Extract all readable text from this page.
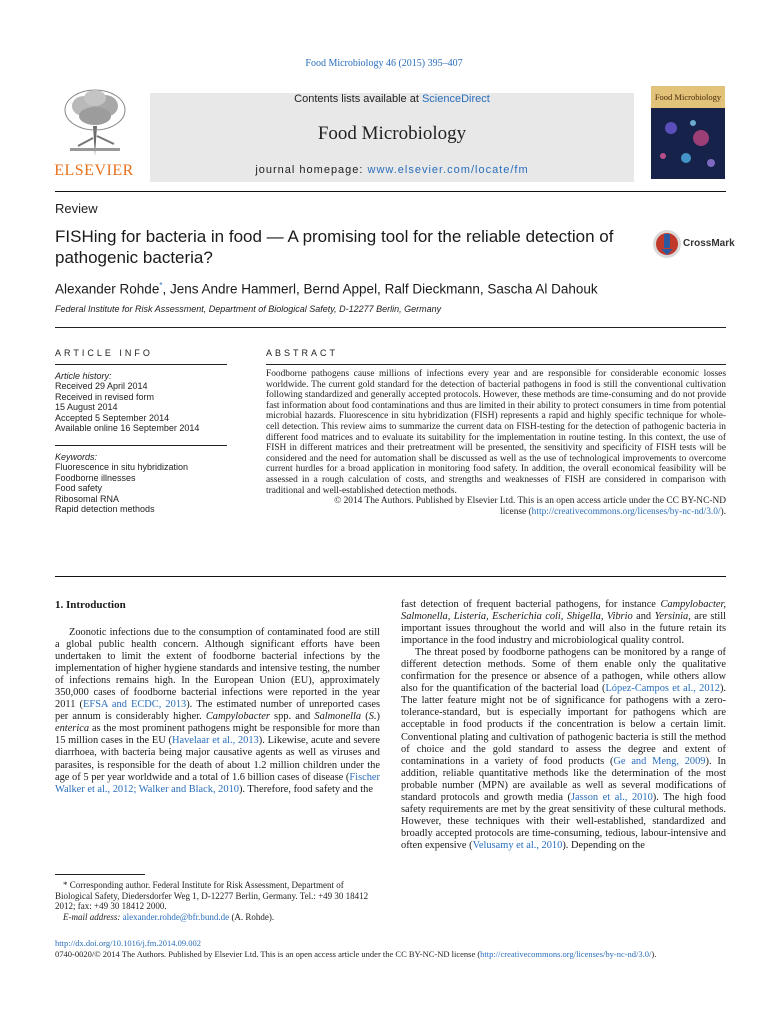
Food Microbiology 46 (2015) 395–407
ELSEVIER
Contents lists available at ScienceDirect
Food Microbiology
journal homepage: www.elsevier.com/locate/fm
Food Microbiology
Review
FISHing for bacteria in food — A promising tool for the reliable detection of pathogenic bacteria?
CrossMark
Alexander Rohde*, Jens Andre Hammerl, Bernd Appel, Ralf Dieckmann, Sascha Al Dahouk
Federal Institute for Risk Assessment, Department of Biological Safety, D-12277 Berlin, Germany
ARTICLE INFO
Article history:
Received 29 April 2014
Received in revised form
15 August 2014
Accepted 5 September 2014
Available online 16 September 2014
Keywords:
Fluorescence in situ hybridization
Foodborne illnesses
Food safety
Ribosomal RNA
Rapid detection methods
ABSTRACT

Foodborne pathogens cause millions of infections every year and are responsible for considerable economic losses worldwide. The current gold standard for the detection of bacterial pathogens in food is still the conventional cultivation following standardized and generally accepted protocols. However, these methods are time-consuming and do not provide fast information about food contaminations and thus are limited in their ability to protect consumers in time from potential microbial hazards. Fluorescence in situ hybridization (FISH) represents a rapid and highly specific technique for whole-cell detection. This review aims to summarize the current data on FISH-testing for the detection of pathogenic bacteria in different food matrices and to evaluate its suitability for the implementation in routine testing. In this context, the use of FISH in different matrices and their pretreatment will be presented, the sensitivity and specificity of FISH tests will be considered and the need for automation shall be discussed as well as the use of technological improvements to overcome current hurdles for a broad application in monitoring food safety. In addition, the overall economical feasibility will be assessed in a rough calculation of costs, and strengths and weaknesses of FISH are considered in comparison with traditional and well-established detection methods.

© 2014 The Authors. Published by Elsevier Ltd. This is an open access article under the CC BY-NC-ND
license (http://creativecommons.org/licenses/by-nc-nd/3.0/).

1. Introduction

Zoonotic infections due to the consumption of contaminated food are still a global public health concern. Although significant efforts have been undertaken to limit the extent of foodborne bacterial infections by the implementation of higher hygiene standards and intensive testing, the number of infections remains high. In the European Union (EU), approximately 350,000 cases of foodborne bacterial infections were reported in the year 2011 (EFSA and ECDC, 2013). The estimated number of unreported cases per annum is considerably higher. Campylobacter spp. and Salmonella (S.) enterica as the most prominent pathogens might be responsible for more than 15 million cases in the EU (Havelaar et al., 2013). Likewise, acute and severe diarrhoea, with bacteria being major causative agents as well as viruses and parasites, is responsible for the death of about 1.2 million children under the age of 5 per year worldwide and a total of 1.6 billion cases of disease (Fischer Walker et al., 2012; Walker and Black, 2010). Therefore, food safety and the

fast detection of frequent bacterial pathogens, for instance Campylobacter, Salmonella, Listeria, Escherichia coli, Shigella, Vibrio and Yersinia, are still important issues throughout the world and will also in the future retain its importance in the food industry and microbiological quality control.

The threat posed by foodborne pathogens can be monitored by a range of different detection methods. Some of them enable only the qualitative confirmation for the presence or absence of a pathogen, while others allow also for the quantification of the bacterial load (López-Campos et al., 2012). The latter feature might not be of significance for pathogens with a zero-tolerance-standard, but is especially important for pathogens which are acceptable in food products if the concentration is below a certain limit. Conventional plating and cultivation of pathogenic bacteria is still the method of choice and the gold standard to assess the degree and extent of contaminations in a variety of food products (Ge and Meng, 2009). In addition, reliable quantitative methods like the determination of the most probable number (MPN) are available as well as several modifications of standard protocols and growth media (Jasson et al., 2010). The high food safety requirements are met by the great sensitivity of these cultural methods. However, these techniques with their well-established, standardized and broadly accepted protocols are time-consuming, tedious, labour-intensive and often expensive (Velusamy et al., 2010). Depending on the

* Corresponding author. Federal Institute for Risk Assessment, Department of Biological Safety, Diedersdorfer Weg 1, D-12277 Berlin, Germany. Tel.: +49 30 18412 2012; fax: +49 30 18412 2000.

E-mail address: alexander.rohde@bfr.bund.de (A. Rohde).

http://dx.doi.org/10.1016/j.fm.2014.09.002
0740-0020/© 2014 The Authors. Published by Elsevier Ltd. This is an open access article under the CC BY-NC-ND license (http://creativecommons.org/licenses/by-nc-nd/3.0/).
